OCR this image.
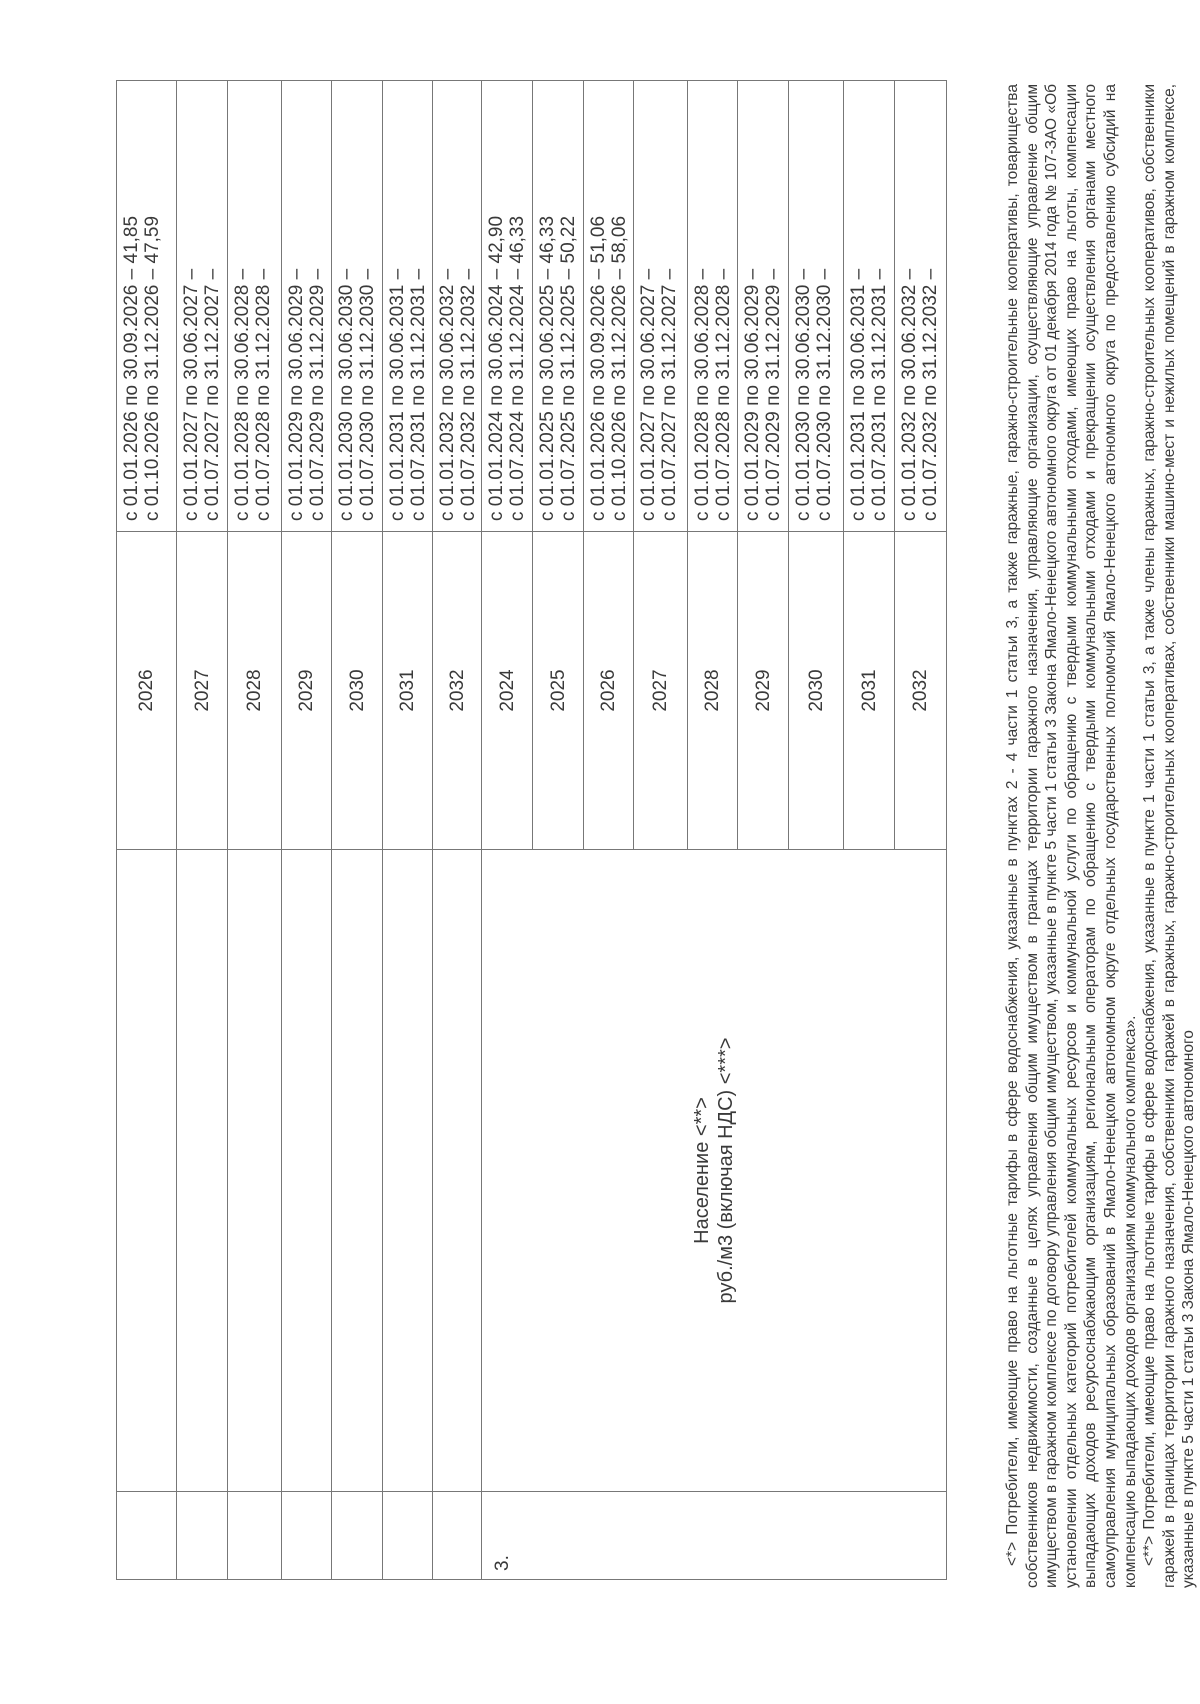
2026
с 01.01.2026 по 30.09.2026 – 41,85 с 01.10.2026 по 31.12.2026 – 47,59
2027
с 01.01.2027 по 30.06.2027 – с 01.07.2027 по 31.12.2027 –
2028
с 01.01.2028 по 30.06.2028 – с 01.07.2028 по 31.12.2028 –
2029
с 01.01.2029 по 30.06.2029 – с 01.07.2029 по 31.12.2029 –
2030
с 01.01.2030 по 30.06.2030 – с 01.07.2030 по 31.12.2030 –
2031
с 01.01.2031 по 30.06.2031 – с 01.07.2031 по 31.12.2031 –
2032
с 01.01.2032 по 30.06.2032 – с 01.07.2032 по 31.12.2032 –
2024
с 01.01.2024 по 30.06.2024 – 42,90 с 01.07.2024 по 31.12.2024 – 46,33
2025
с 01.01.2025 по 30.06.2025 – 46,33 с 01.07.2025 по 31.12.2025 – 50,22
2026
с 01.01.2026 по 30.09.2026 – 51,06 с 01.10.2026 по 31.12.2026 – 58,06
2027
с 01.01.2027 по 30.06.2027 – с 01.07.2027 по 31.12.2027 –
2028
с 01.01.2028 по 30.06.2028 – с 01.07.2028 по 31.12.2028 –
2029
с 01.01.2029 по 30.06.2029 – с 01.07.2029 по 31.12.2029 –
2030
с 01.01.2030 по 30.06.2030 – с 01.07.2030 по 31.12.2030 –
2031
с 01.01.2031 по 30.06.2031 – с 01.07.2031 по 31.12.2031 –
2032
с 01.01.2032 по 30.06.2032 – с 01.07.2032 по 31.12.2032 –
3.
Население <**> руб./м3 (включая НДС) <***>	<*> Потребители, имеющие право на льготные тарифы в сфере водоснабжения, указанные в пунктах 2 - 4 части 1 статьи 3, а также гаражные, гаражно-строительные кооперативы, товарищества собственников недвижимости, созданные в целях управления общим имуществом в границах территории гаражного назначения, управляющие организации, осуществляющие управление общим имуществом в гаражном комплексе по договору управления общим имуществом, указанные в пункте 5 части 1 статьи 3 Закона Ямало-Ненецкого автономного округа от 01 декабря 2014 года № 107-ЗАО «Об установлении отдельных категорий потребителей коммунальных ресурсов и коммунальной услуги по обращению с твердыми коммунальными отходами, имеющих право на льготы, компенсации выпадающих доходов ресурсоснабжающим организациям, региональным операторам по обращению с твердыми коммунальными отходами и прекращении осуществления органами местного самоуправления муниципальных образований в Ямало-Ненецком автономном округе отдельных государственных полномочий Ямало-Ненецкого автономного округа по предоставлению субсидий на компенсацию выпадающих доходов организациям коммунального комплекса». <**> Потребители, имеющие право на льготные тарифы в сфере водоснабжения, указанные в пункте 1 части 1 статьи 3, а также члены гаражных, гаражно-строительных кооперативов, собственники гаражей в границах территории гаражного назначения, собственники гаражей в гаражных, гаражно-строительных кооперативах, собственники машино-мест и нежилых помещений в гаражном комплексе, указанные в пункте 5 части 1 статьи 3 Закона Ямало-Ненецкого автономного
